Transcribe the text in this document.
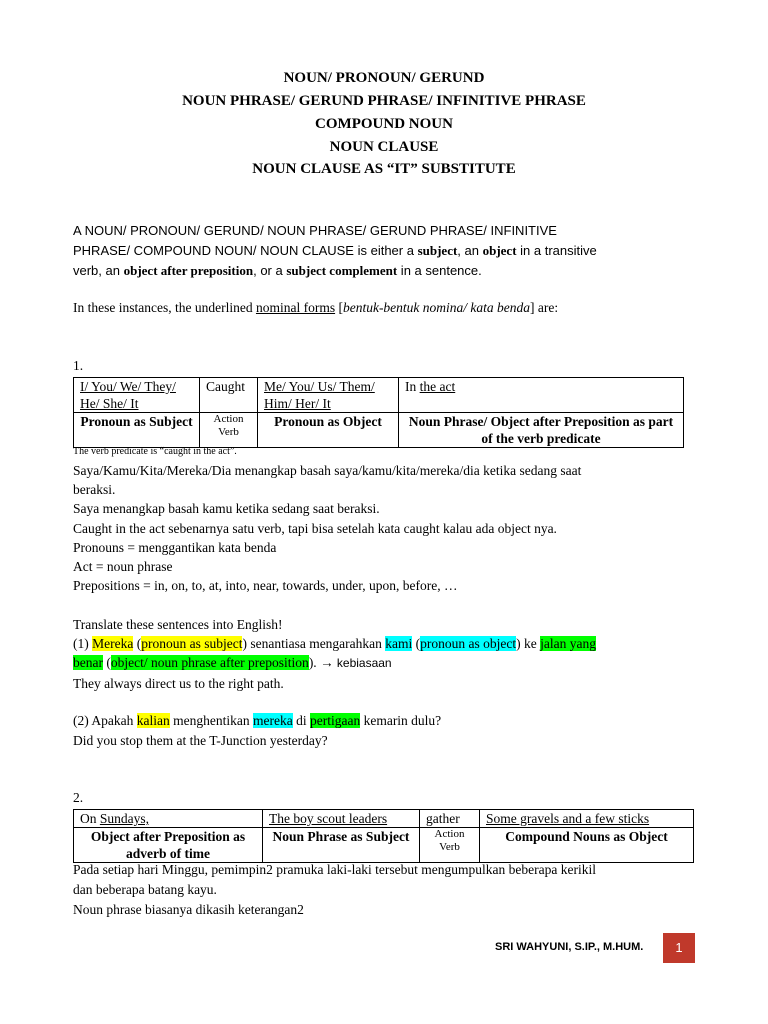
NOUN/ PRONOUN/ GERUND
NOUN PHRASE/ GERUND PHRASE/ INFINITIVE PHRASE
COMPOUND NOUN
NOUN CLAUSE
NOUN CLAUSE AS “IT” SUBSTITUTE
A NOUN/ PRONOUN/ GERUND/ NOUN PHRASE/ GERUND PHRASE/ INFINITIVE
PHRASE/ COMPOUND NOUN/ NOUN CLAUSE is either a subject, an object in a transitive
verb, an object after preposition, or a subject complement in a sentence.
In these instances, the underlined nominal forms [bentuk-bentuk nomina/ kata benda] are:
1.
I/ You/ We/ They/ He/ She/ It	Caught	Me/ You/ Us/ Them/ Him/ Her/ It	In the act
Pronoun as Subject	Action Verb	Pronoun as Object	Noun Phrase/ Object after Preposition as part of the verb predicate
The verb predicate is “caught in the act”.
Saya/Kamu/Kita/Mereka/Dia menangkap basah saya/kamu/kita/mereka/dia ketika sedang saat
beraksi.
Saya menangkap basah kamu ketika sedang saat beraksi.
Caught in the act sebenarnya satu verb, tapi bisa setelah kata caught kalau ada object nya.
Pronouns = menggantikan kata benda
Act = noun phrase
Prepositions = in, on, to, at, into, near, towards, under, upon, before, …
Translate these sentences into English!
(1) Mereka (pronoun as subject) senantiasa mengarahkan kami (pronoun as object) ke jalan yang
benar (object/ noun phrase after preposition). → kebiasaan
They always direct us to the right path.
(2) Apakah kalian menghentikan mereka di pertigaan kemarin dulu?
Did you stop them at the T-Junction yesterday?
2.
On Sundays,	The boy scout leaders	gather	Some gravels and a few sticks
Object after Preposition as adverb of time	Noun Phrase as Subject	Action Verb	Compound Nouns as Object
Pada setiap hari Minggu, pemimpin2 pramuka laki-laki tersebut mengumpulkan beberapa kerikil
dan beberapa batang kayu.
Noun phrase biasanya dikasih keterangan2
SRI WAHYUNI, S.IP., M.HUM.	1
